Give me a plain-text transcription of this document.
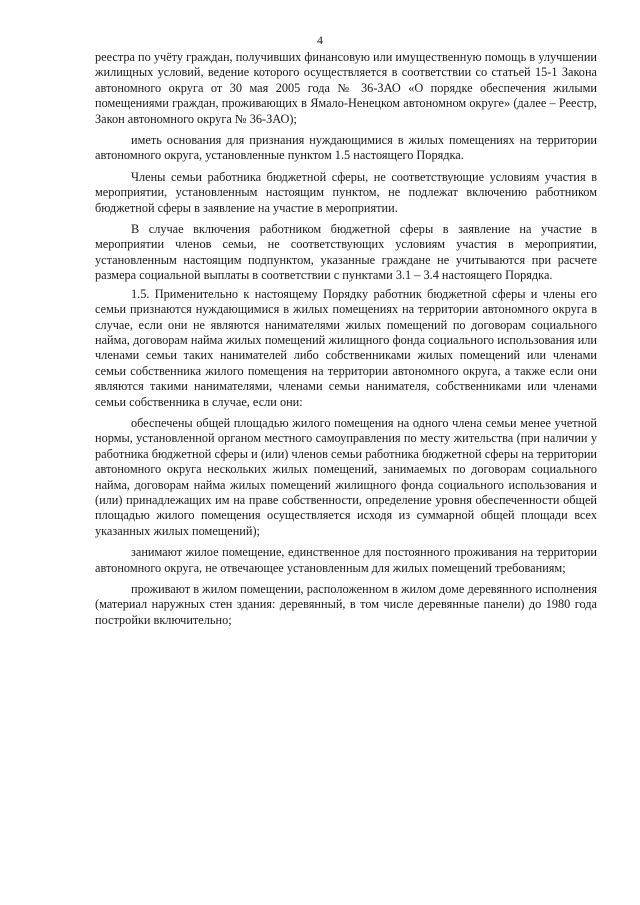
4

реестра по учёту граждан, получивших финансовую или имущественную помощь в улучшении жилищных условий, ведение которого осуществляется в соответствии со статьей 15-1 Закона автономного округа от 30 мая 2005 года № 36-ЗАО «О порядке обеспечения жилыми помещениями граждан, проживающих в Ямало-Ненецком автономном округе» (далее – Реестр, Закон автономного округа № 36-ЗАО);

иметь основания для признания нуждающимися в жилых помещениях на территории автономного округа, установленные пунктом 1.5 настоящего Порядка.

Члены семьи работника бюджетной сферы, не соответствующие условиям участия в мероприятии, установленным настоящим пунктом, не подлежат включению работником бюджетной сферы в заявление на участие в мероприятии.

В случае включения работником бюджетной сферы в заявление на участие в мероприятии членов семьи, не соответствующих условиям участия в мероприятии, установленным настоящим подпунктом, указанные граждане не учитываются при расчете размера социальной выплаты в соответствии с пунктами 3.1 – 3.4 настоящего Порядка.

1.5. Применительно к настоящему Порядку работник бюджетной сферы и члены его семьи признаются нуждающимися в жилых помещениях на территории автономного округа в случае, если они не являются нанимателями жилых помещений по договорам социального найма, договорам найма жилых помещений жилищного фонда социального использования или членами семьи таких нанимателей либо собственниками жилых помещений или членами семьи собственника жилого помещения на территории автономного округа, а также если они являются такими нанимателями, членами семьи нанимателя, собственниками или членами семьи собственника в случае, если они:

обеспечены общей площадью жилого помещения на одного члена семьи менее учетной нормы, установленной органом местного самоуправления по месту жительства (при наличии у работника бюджетной сферы и (или) членов семьи работника бюджетной сферы на территории автономного округа нескольких жилых помещений, занимаемых по договорам социального найма, договорам найма жилых помещений жилищного фонда социального использования и (или) принадлежащих им на праве собственности, определение уровня обеспеченности общей площадью жилого помещения осуществляется исходя из суммарной общей площади всех указанных жилых помещений);

занимают жилое помещение, единственное для постоянного проживания на территории автономного округа, не отвечающее установленным для жилых помещений требованиям;

проживают в жилом помещении, расположенном в жилом доме деревянного исполнения (материал наружных стен здания: деревянный, в том числе деревянные панели) до 1980 года постройки включительно;
